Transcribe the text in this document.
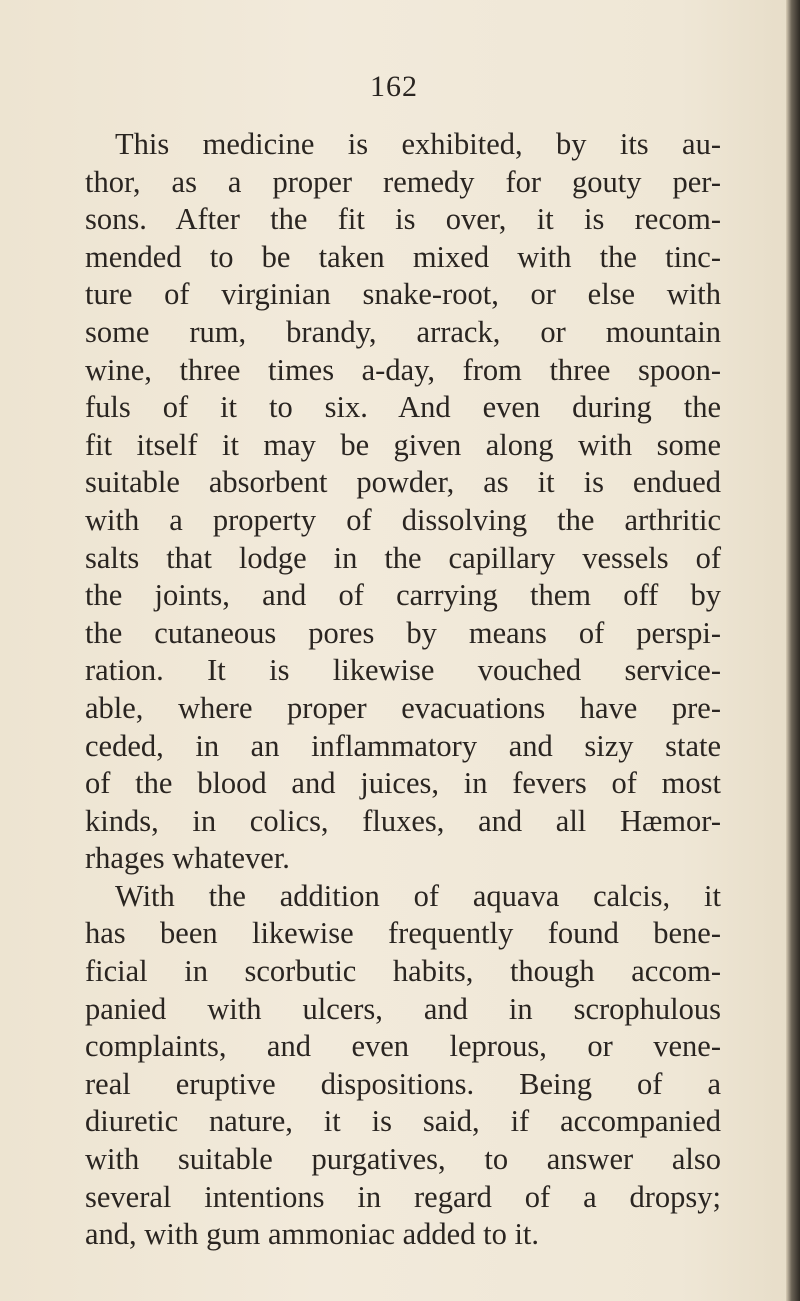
162
This medicine is exhibited, by its au-
thor, as a proper remedy for gouty per-
sons. After the fit is over, it is recom-
mended to be taken mixed with the tinc-
ture of virginian snake-root, or else with
some rum, brandy, arrack, or mountain
wine, three times a-day, from three spoon-
fuls of it to six. And even during the
fit itself it may be given along with some
suitable absorbent powder, as it is endued
with a property of dissolving the arthritic
salts that lodge in the capillary vessels of
the joints, and of carrying them off by
the cutaneous pores by means of perspi-
ration. It is likewise vouched service-
able, where proper evacuations have pre-
ceded, in an inflammatory and sizy state
of the blood and juices, in fevers of most
kinds, in colics, fluxes, and all Hæmor-
rhages whatever.
With the addition of aquava calcis, it
has been likewise frequently found bene-
ficial in scorbutic habits, though accom-
panied with ulcers, and in scrophulous
complaints, and even leprous, or vene-
real eruptive dispositions. Being of a
diuretic nature, it is said, if accompanied
with suitable purgatives, to answer also
several intentions in regard of a dropsy;
and, with gum ammoniac added to it.
